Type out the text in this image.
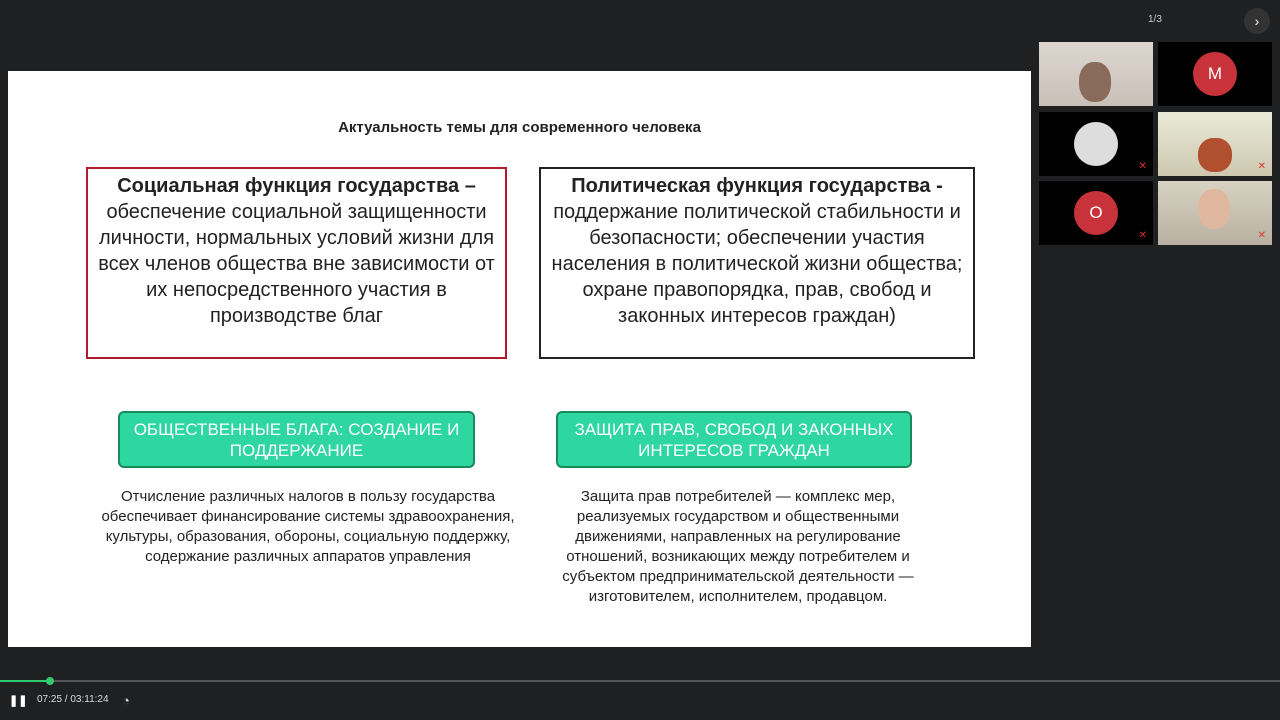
Актуальность темы для современного человека
Социальная функция государства – обеспечение социальной защищенности личности, нормальных условий жизни для всех членов общества вне зависимости от их непосредственного участия в производстве благ
Политическая функция государства - поддержание политической стабильности и безопасности; обеспечении участия населения в политической жизни общества; охране правопорядка, прав, свобод и законных интересов граждан)
ОБЩЕСТВЕННЫЕ БЛАГА: СОЗДАНИЕ И ПОДДЕРЖАНИЕ
ЗАЩИТА ПРАВ, СВОБОД И ЗАКОННЫХ ИНТЕРЕСОВ ГРАЖДАН
Отчисление различных налогов в пользу государства обеспечивает финансирование системы здравоохранения, культуры, образования, обороны, социальную поддержку, содержание различных аппаратов управления
Защита прав потребителей — комплекс мер, реализуемых государством и общественными движениями, направленных на регулирование отношений, возникающих между потребителем и субъектом предпринимательской деятельности — изготовителем, исполнителем, продавцом.
1/3	›
M
✕	✕
O
✕	✕
❚❚ 07:25 / 03:11:24 ◔
